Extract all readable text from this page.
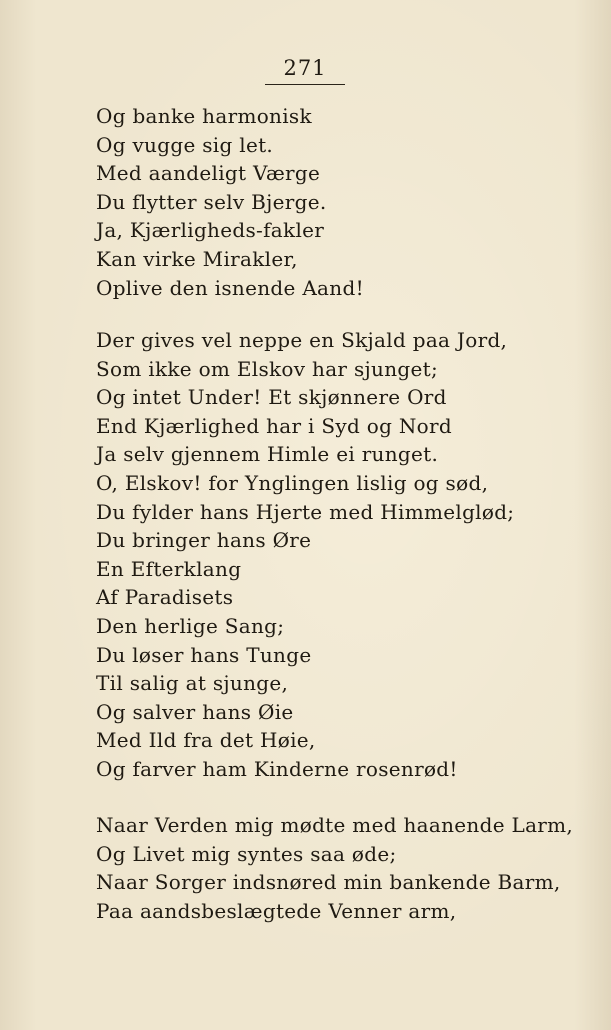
271
Og banke harmonisk
Og vugge sig let.
Med aandeligt Værge
Du flytter selv Bjerge.
Ja, Kjærligheds-fakler
Kan virke Mirakler,
Oplive den isnende Aand!
Der gives vel neppe en Skjald paa Jord,
Som ikke om Elskov har sjunget;
Og intet Under! Et skjønnere Ord
End Kjærlighed har i Syd og Nord
Ja selv gjennem Himle ei runget.
O, Elskov! for Ynglingen lislig og sød,
Du fylder hans Hjerte med Himmelglød;
Du bringer hans Øre
En Efterklang
Af Paradisets
Den herlige Sang;
Du løser hans Tunge
Til salig at sjunge,
Og salver hans Øie
Med Ild fra det Høie,
Og farver ham Kinderne rosenrød!
Naar Verden mig mødte med haanende Larm,
Og Livet mig syntes saa øde;
Naar Sorger indsnøred min bankende Barm,
Paa aandsbeslægtede Venner arm,
